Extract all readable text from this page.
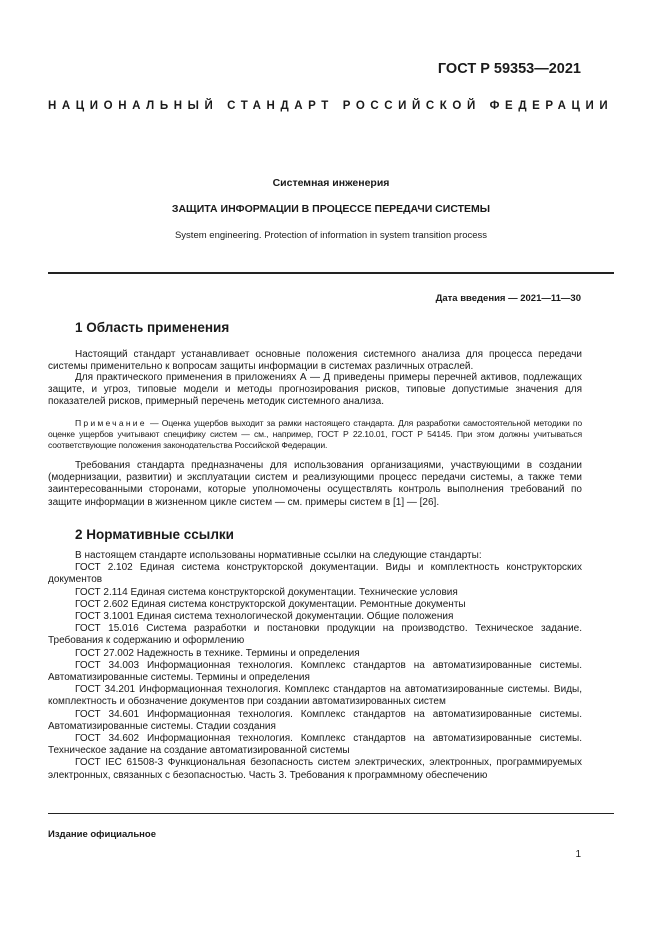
ГОСТ Р 59353—2021
НАЦИОНАЛЬНЫЙ СТАНДАРТ РОССИЙСКОЙ ФЕДЕРАЦИИ
Системная инженерия
ЗАЩИТА ИНФОРМАЦИИ В ПРОЦЕССЕ ПЕРЕДАЧИ СИСТЕМЫ
System engineering. Protection of information in system transition process
Дата введения — 2021—11—30
1 Область применения

Настоящий стандарт устанавливает основные положения системного анализа для процесса передачи системы применительно к вопросам защиты информации в системах различных отраслей.

Для практического применения в приложениях А — Д приведены примеры перечней активов, подлежащих защите, и угроз, типовые модели и методы прогнозирования рисков, типовые допустимые значения для показателей рисков, примерный перечень методик системного анализа.

Примечание — Оценка ущербов выходит за рамки настоящего стандарта. Для разработки самостоятельной методики по оценке ущербов учитывают специфику систем — см., например, ГОСТ Р 22.10.01, ГОСТ Р 54145. При этом должны учитываться соответствующие положения законодательства Российской Федерации.

Требования стандарта предназначены для использования организациями, участвующими в создании (модернизации, развитии) и эксплуатации систем и реализующими процесс передачи системы, а также теми заинтересованными сторонами, которые уполномочены осуществлять контроль выполнения требований по защите информации в жизненном цикле систем — см. примеры систем в [1] — [26].

2 Нормативные ссылки

В настоящем стандарте использованы нормативные ссылки на следующие стандарты:

ГОСТ 2.102 Единая система конструкторской документации. Виды и комплектность конструкторских документов

ГОСТ 2.114 Единая система конструкторской документации. Технические условия

ГОСТ 2.602 Единая система конструкторской документации. Ремонтные документы

ГОСТ 3.1001 Единая система технологической документации. Общие положения

ГОСТ 15.016 Система разработки и постановки продукции на производство. Техническое задание. Требования к содержанию и оформлению

ГОСТ 27.002 Надежность в технике. Термины и определения

ГОСТ 34.003 Информационная технология. Комплекс стандартов на автоматизированные системы. Автоматизированные системы. Термины и определения

ГОСТ 34.201 Информационная технология. Комплекс стандартов на автоматизированные системы. Виды, комплектность и обозначение документов при создании автоматизированных систем

ГОСТ 34.601 Информационная технология. Комплекс стандартов на автоматизированные системы. Автоматизированные системы. Стадии создания

ГОСТ 34.602 Информационная технология. Комплекс стандартов на автоматизированные системы. Техническое задание на создание автоматизированной системы

ГОСТ IEC 61508-3 Функциональная безопасность систем электрических, электронных, программируемых электронных, связанных с безопасностью. Часть 3. Требования к программному обеспечению

Издание официальное
1
